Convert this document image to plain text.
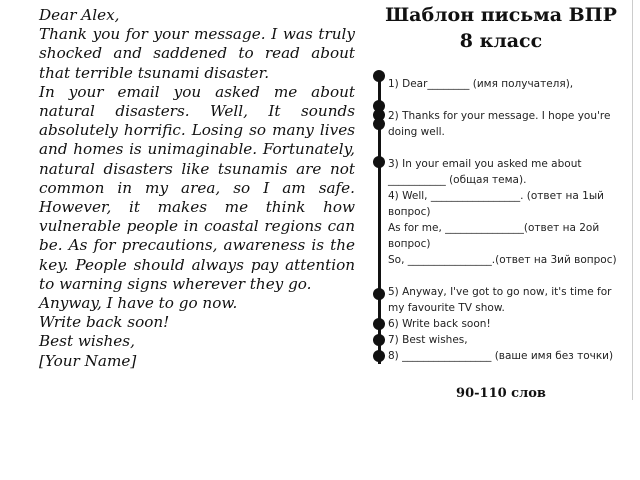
Dear Alex,

Thank you for your message. I was truly shocked and saddened to read about that terrible tsunami disaster.

In your email you asked me about natural disasters. Well, It sounds absolutely horrific. Losing so many lives and homes is unimaginable. Fortunately, natural disasters like tsunamis are not common in my area, so I am safe. However, it makes me think how vulnerable people in coastal regions can be. As for precautions, awareness is the key. People should always pay attention to warning signs wherever they go.

Anyway, I have to go now.

Write back soon!

Best wishes,

[Your Name]

Шаблон письма ВПР
8 класс
1) Dear________ (имя получателя),
2) Thanks for your message. I hope you're
doing well.
3) In your email you asked me about
___________ (общая тема).
4) Well, _________________. (ответ на 1ый
вопрос)
As for me, _______________(ответ на 2ой
вопрос)
So, ________________.(ответ на 3ий вопрос)
5) Anyway, I've got to go now, it's time for
my favourite TV show.
6) Write back soon!
7) Best wishes,
8) _________________ (ваше имя без точки)
90-110 слов
